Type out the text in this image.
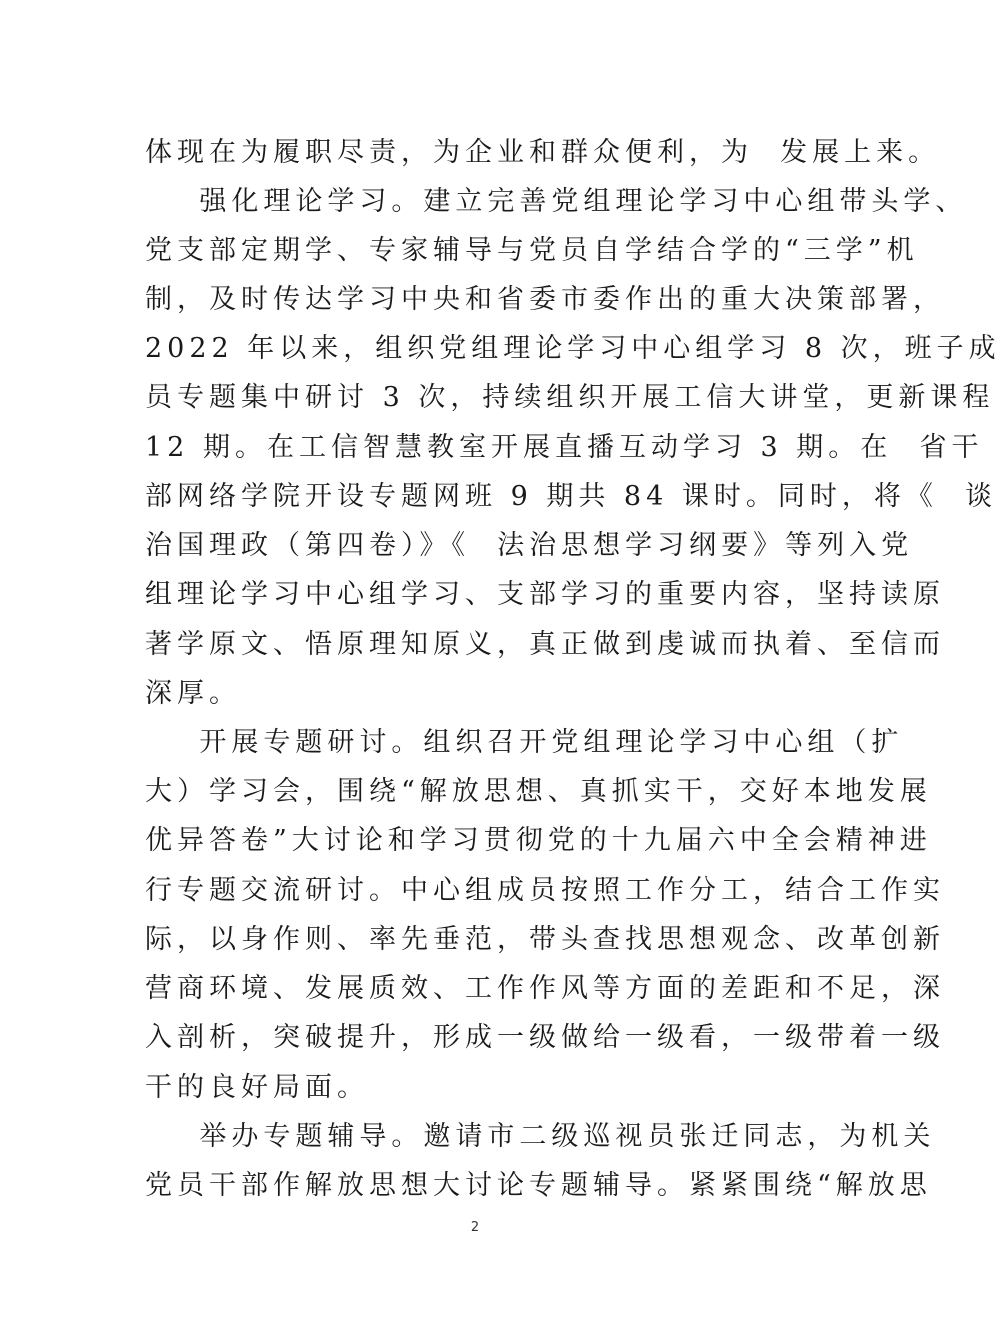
体现在为履职尽责，为企业和群众便利，为  发展上来。
强化理论学习。建立完善党组理论学习中心组带头学、
党支部定期学、专家辅导与党员自学结合学的“三学”机
制，及时传达学习中央和省委市委作出的重大决策部署，
2022 年以来，组织党组理论学习中心组学习 8 次，班子成
员专题集中研讨 3 次，持续组织开展工信大讲堂，更新课程
12 期。在工信智慧教室开展直播互动学习 3 期。在  省干
部网络学院开设专题网班 9 期共 84 课时。同时，将《  谈
治国理政（第四卷）》《  法治思想学习纲要》等列入党
组理论学习中心组学习、支部学习的重要内容，坚持读原
著学原文、悟原理知原义，真正做到虔诚而执着、至信而
深厚。
开展专题研讨。组织召开党组理论学习中心组（扩
大）学习会，围绕“解放思想、真抓实干，交好本地发展
优异答卷”大讨论和学习贯彻党的十九届六中全会精神进
行专题交流研讨。中心组成员按照工作分工，结合工作实
际，以身作则、率先垂范，带头查找思想观念、改革创新
营商环境、发展质效、工作作风等方面的差距和不足，深
入剖析，突破提升，形成一级做给一级看，一级带着一级
干的良好局面。
举办专题辅导。邀请市二级巡视员张迁同志，为机关
党员干部作解放思想大讨论专题辅导。紧紧围绕“解放思
2
